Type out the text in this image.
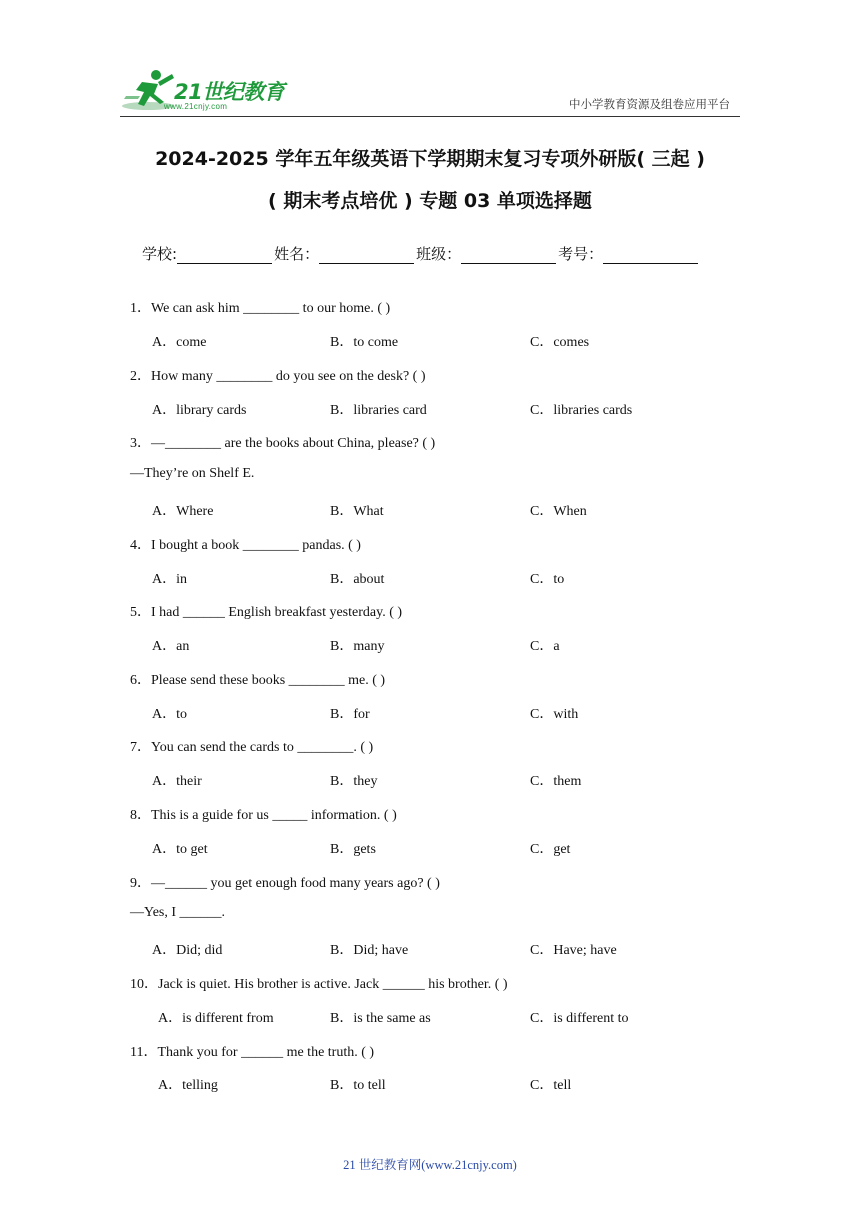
21世纪教育
www.21cnjy.com	中小学教育资源及组卷应用平台
2024-2025 学年五年级英语下学期期末复习专项外研版( 三起 )
( 期末考点培优 ) 专题 03 单项选择题
学校:	姓名：	班级：	考号：
1．We can ask him ________ to our home. ( )
A．come	B．to come	C．comes
2．How many ________ do you see on the desk? ( )
A．library cards	B．libraries card	C．libraries cards
3．—________ are the books about China, please? ( )
—They’re on Shelf E.
A．Where	B．What	C．When
4．I bought a book ________ pandas. ( )
A．in	B．about	C．to
5．I had ______ English breakfast yesterday. ( )
A．an	B．many	C．a
6．Please send these books ________ me. ( )
A．to	B．for	C．with
7．You can send the cards to ________. ( )
A．their	B．they	C．them
8．This is a guide for us _____ information. ( )
A．to get	B．gets	C．get
9．—______ you get enough food many years ago? ( )
—Yes, I ______.
A．Did; did	B．Did; have	C．Have; have
10．Jack is quiet. His brother is active. Jack ______ his brother. ( )
A．is different from	B．is the same as	C．is different to
11．Thank you for ______ me the truth. ( )
A．telling	B．to tell	C．tell
21 世纪教育网(www.21cnjy.com)
